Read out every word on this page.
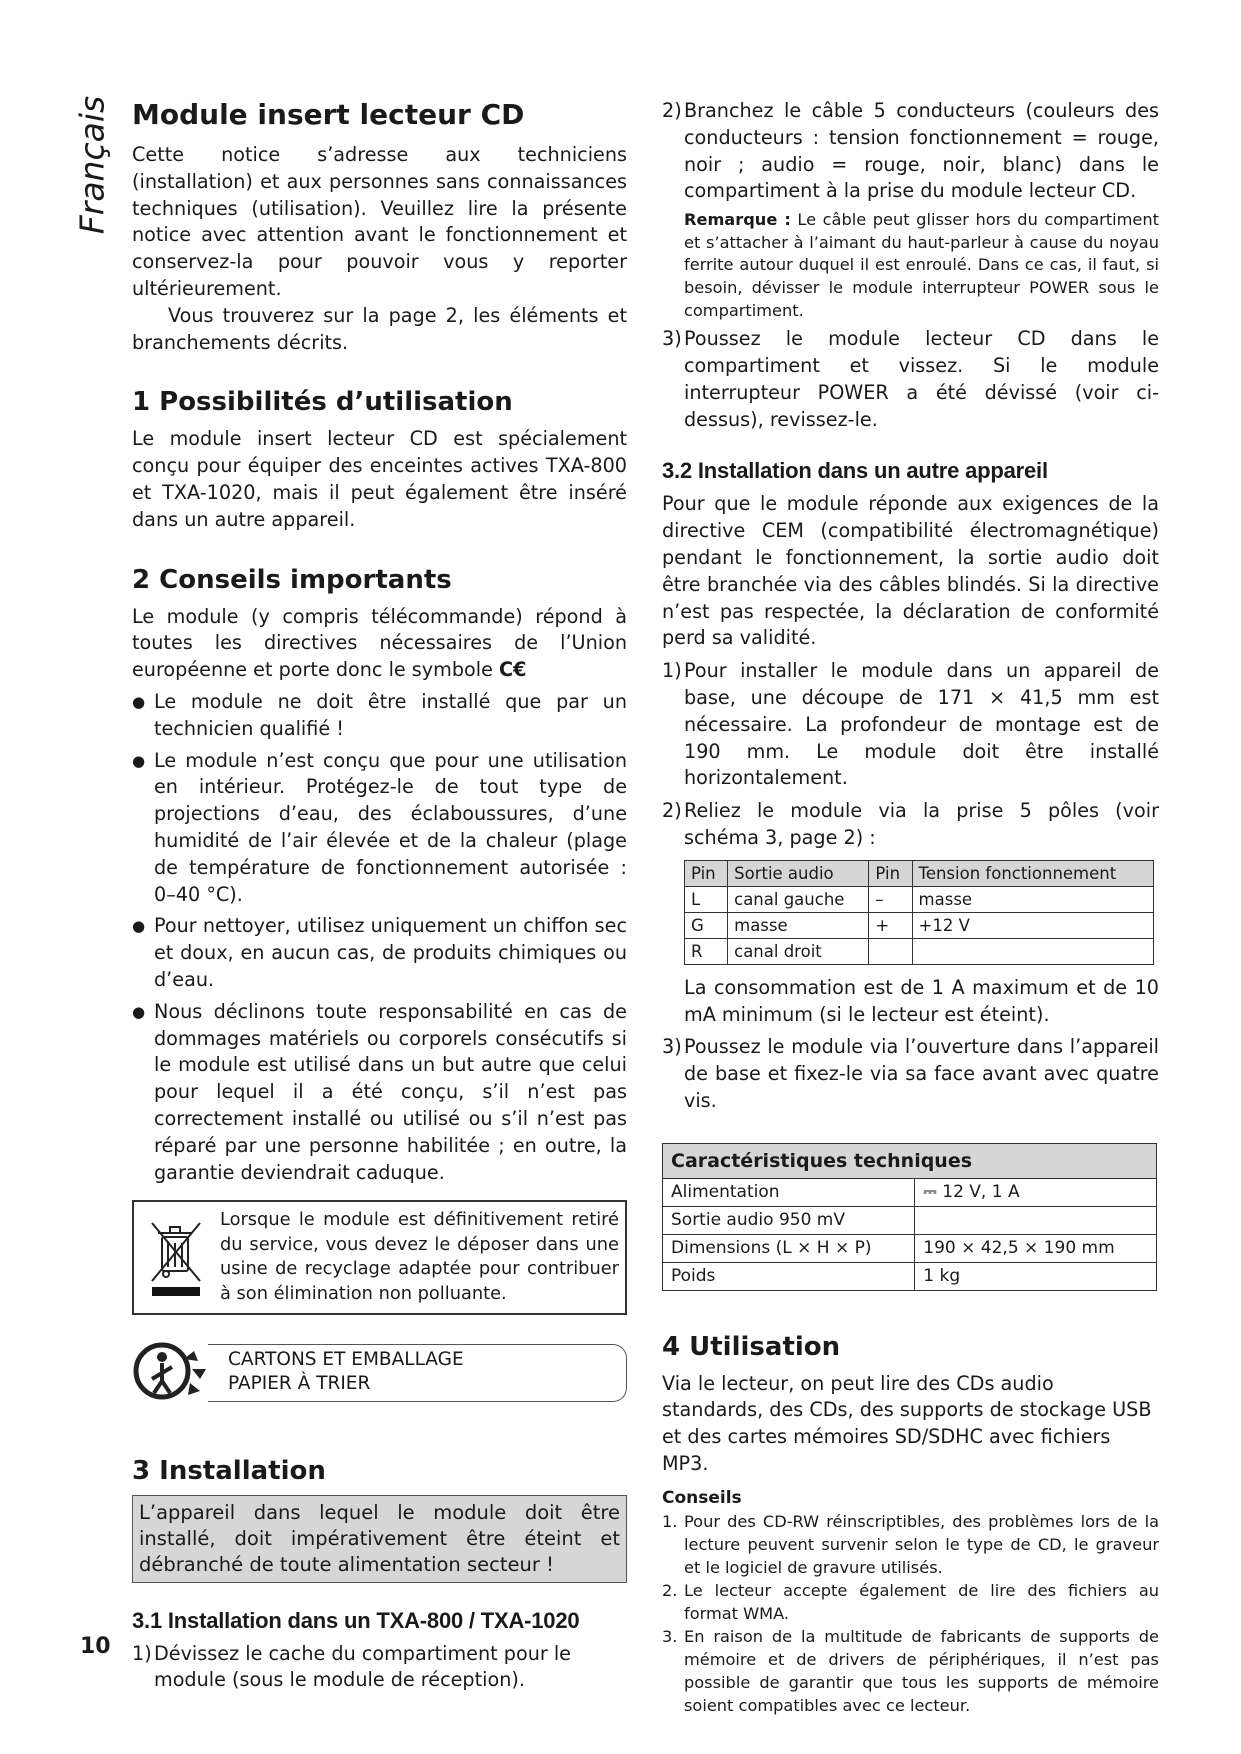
Français Module insert lecteur CD

Cette notice s’adresse aux techniciens (installation) et aux personnes sans connaissances techniques (utilisation). Veuillez lire la présente notice avec attention avant le fonctionnement et conservez-la pour pouvoir vous y reporter ultérieurement.

Vous trouverez sur la page 2, les éléments et branchements décrits.

1 Possibilités d’utilisation

Le module insert lecteur CD est spécialement conçu pour équiper des enceintes actives TXA-800 et TXA-1020, mais il peut également être inséré dans un autre appareil.

2 Conseils importants

Le module (y compris télécommande) répond à toutes les directives nécessaires de l’Union européenne et porte donc le symbole C€

● Le module ne doit être installé que par un technicien qualifié !
● Le module n’est conçu que pour une utilisation en intérieur. Protégez-le de tout type de projections d’eau, des éclaboussures, d’une humidité de l’air élevée et de la chaleur (plage de température de fonctionnement autorisée : 0–40 °C).
● Pour nettoyer, utilisez uniquement un chiffon sec et doux, en aucun cas, de produits chimiques ou d’eau.
● Nous déclinons toute responsabilité en cas de dommages matériels ou corporels consécutifs si le module est utilisé dans un but autre que celui pour lequel il a été conçu, s’il n’est pas correctement installé ou utilisé ou s’il n’est pas réparé par une personne habilitée ; en outre, la garantie deviendrait caduque.

Lorsque le module est définitivement retiré du service, vous devez le déposer dans une usine de recyclage adaptée pour contribuer à son élimination non polluante.

CARTONS ET EMBALLAGE
PAPIER À TRIER

3 Installation

L’appareil dans lequel le module doit être installé, doit impérativement être éteint et débranché de toute alimentation secteur !

3.1 Installation dans un TXA-800 / TXA-1020

1) Dévissez le cache du compartiment pour le module (sous le module de réception).
2) Branchez le câble 5 conducteurs (couleurs des conducteurs : tension fonctionnement = rouge, noir ; audio = rouge, noir, blanc) dans le compartiment à la prise du module lecteur CD.

Remarque : Le câble peut glisser hors du compartiment et s’attacher à l’aimant du haut-parleur à cause du noyau ferrite autour duquel il est enroulé. Dans ce cas, il faut, si besoin, dévisser le module interrupteur POWER sous le compartiment.

3) Poussez le module lecteur CD dans le compartiment et vissez. Si le module interrupteur POWER a été dévissé (voir ci-dessus), revissez-le.

3.2 Installation dans un autre appareil

Pour que le module réponde aux exigences de la directive CEM (compatibilité électromagnétique) pendant le fonctionnement, la sortie audio doit être branchée via des câbles blindés. Si la directive n’est pas respectée, la déclaration de conformité perd sa validité.

1) Pour installer le module dans un appareil de base, une découpe de 171 × 41,5 mm est nécessaire. La profondeur de montage est de 190 mm. Le module doit être installé horizontalement.
2) Reliez le module via la prise 5 pôles (voir schéma 3, page 2) :
Pin	Sortie audio	Pin	Tension fonctionnement
L	canal gauche	–	masse
G	masse	+	+12 V
R	canal droit		

La consommation est de 1 A maximum et de 10 mA minimum (si le lecteur est éteint).

3) Poussez le module via l’ouverture dans l’appareil de base et fixez-le via sa face avant avec quatre vis.
Caractéristiques techniques	
Alimentation	⎓ 12 V, 1 A
Sortie audio 950 mV	
Dimensions (L × H × P)	190 × 42,5 × 190 mm
Poids	1 kg

4 Utilisation

Via le lecteur, on peut lire des CDs audio standards, des CDs, des supports de stockage USB et des cartes mémoires SD/SDHC avec fichiers MP3.

Conseils

1. Pour des CD-RW réinscriptibles, des problèmes lors de la lecture peuvent survenir selon le type de CD, le graveur et le logiciel de gravure utilisés.
2. Le lecteur accepte également de lire des fichiers au format WMA.
3. En raison de la multitude de fabricants de supports de mémoire et de drivers de périphériques, il n’est pas possible de garantir que tous les supports de mémoire soient compatibles avec ce lecteur.
10
